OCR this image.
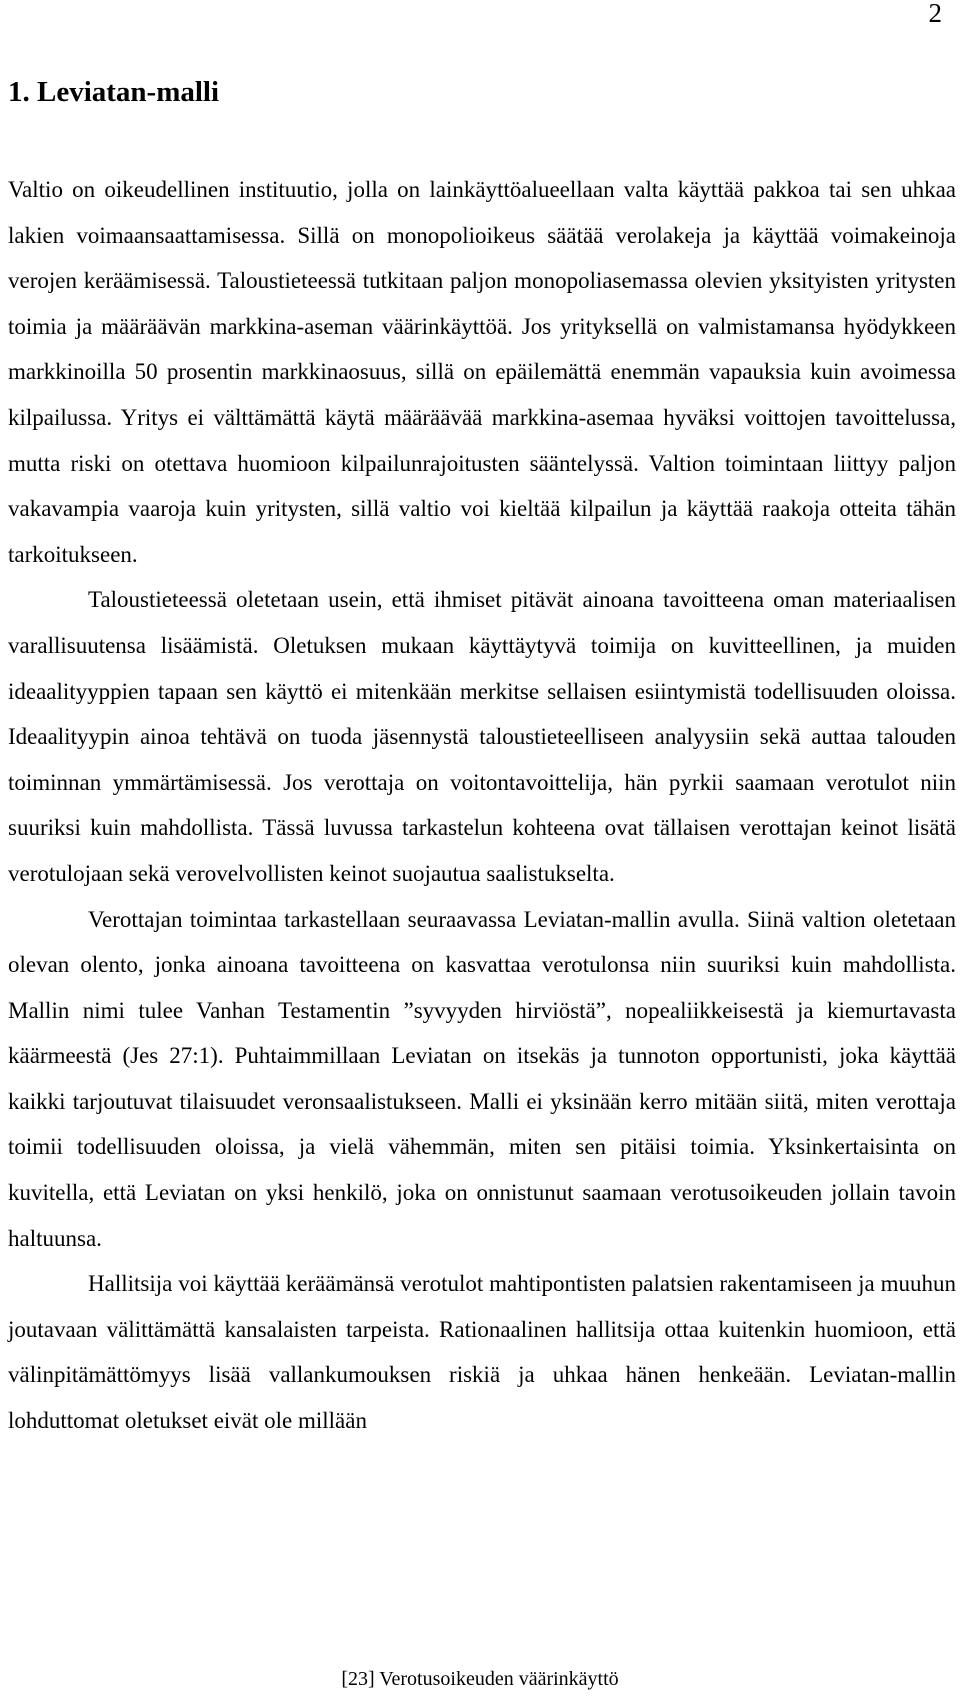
2
1. Leviatan-malli

Valtio on oikeudellinen instituutio, jolla on lainkäyttöalueellaan valta käyttää pakkoa tai sen uhkaa lakien voimaansaattamisessa. Sillä on monopolioikeus säätää verolakeja ja käyttää voimakeinoja verojen keräämisessä. Taloustieteessä tutkitaan paljon monopoliasemassa olevien yksityisten yritysten toimia ja määräävän markkina-aseman väärinkäyttöä. Jos yrityksellä on valmistamansa hyödykkeen markkinoilla 50 prosentin markkinaosuus, sillä on epäilemättä enemmän vapauksia kuin avoimessa kilpailussa. Yritys ei välttämättä käytä määräävää markkina-asemaa hyväksi voittojen tavoittelussa, mutta riski on otettava huomioon kilpailunrajoitusten sääntelyssä. Valtion toimintaan liittyy paljon vakavampia vaaroja kuin yritysten, sillä valtio voi kieltää kilpailun ja käyttää raakoja otteita tähän tarkoitukseen.

Taloustieteessä oletetaan usein, että ihmiset pitävät ainoana tavoitteena oman materiaalisen varallisuutensa lisäämistä. Oletuksen mukaan käyttäytyvä toimija on kuvitteellinen, ja muiden ideaalityyppien tapaan sen käyttö ei mitenkään merkitse sellaisen esiintymistä todellisuuden oloissa. Ideaalityypin ainoa tehtävä on tuoda jäsennystä taloustieteelliseen analyysiin sekä auttaa talouden toiminnan ymmärtämisessä. Jos verottaja on voitontavoittelija, hän pyrkii saamaan verotulot niin suuriksi kuin mahdollista. Tässä luvussa tarkastelun kohteena ovat tällaisen verottajan keinot lisätä verotulojaan sekä verovelvollisten keinot suojautua saalistukselta.

Verottajan toimintaa tarkastellaan seuraavassa Leviatan-mallin avulla. Siinä valtion oletetaan olevan olento, jonka ainoana tavoitteena on kasvattaa verotulonsa niin suuriksi kuin mahdollista. Mallin nimi tulee Vanhan Testamentin ”syvyyden hirviöstä”, nopealiikkeisestä ja kiemurtavasta käärmeestä (Jes 27:1). Puhtaimmillaan Leviatan on itsekäs ja tunnoton opportunisti, joka käyttää kaikki tarjoutuvat tilaisuudet veronsaalistukseen. Malli ei yksinään kerro mitään siitä, miten verottaja toimii todellisuuden oloissa, ja vielä vähemmän, miten sen pitäisi toimia. Yksinkertaisinta on kuvitella, että Leviatan on yksi henkilö, joka on onnistunut saamaan verotusoikeuden jollain tavoin haltuunsa.

Hallitsija voi käyttää keräämänsä verotulot mahtipontisten palatsien rakentamiseen ja muuhun joutavaan välittämättä kansalaisten tarpeista. Rationaalinen hallitsija ottaa kuitenkin huomioon, että välinpitämättömyys lisää vallankumouksen riskiä ja uhkaa hänen henkeään. Leviatan-mallin lohduttomat oletukset eivät ole millään

[23] Verotusoikeuden väärinkäyttö
